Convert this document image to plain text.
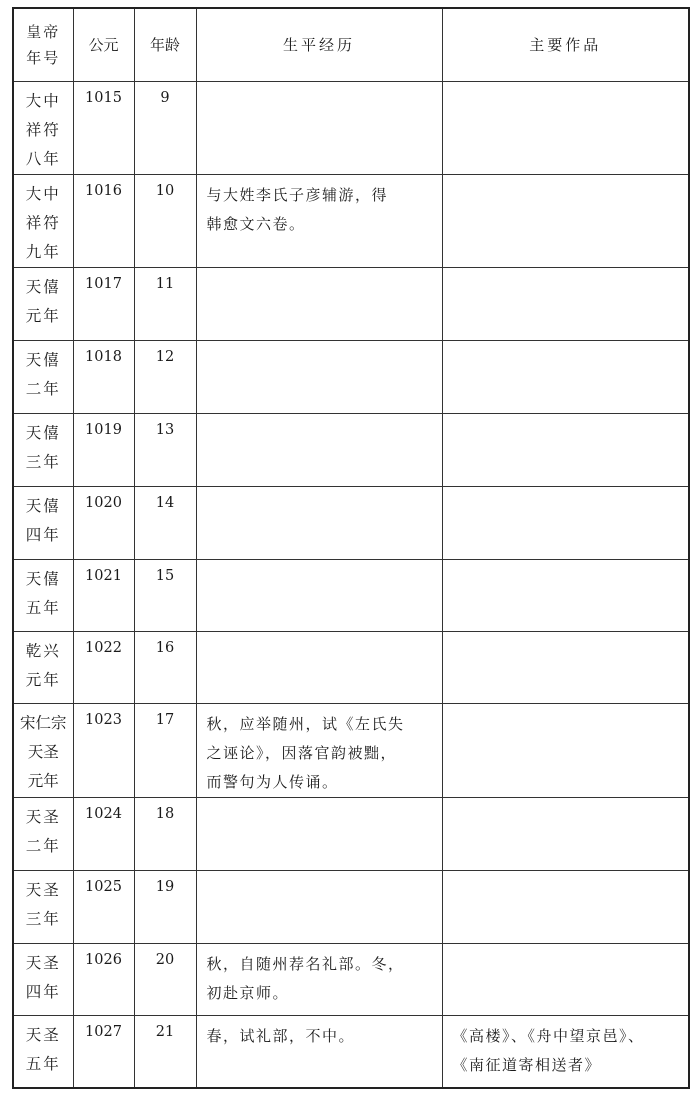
皇帝
年号	公元	年龄	生平经历	主要作品

大中
祥符
八年	1015	9	

大中
祥符
九年
	1016	10	与大姓李氏子彦辅游，得
韩愈文六卷。

天僖
元年	1017	11	

天僖
二年	1018	12	

天僖
三年	1019	13	

天僖
四年	1020	14	

天僖
五年	1021	15	

乾兴
元年	1022	16	

宋仁宗
天圣
元年
	1023	17	秋，应举随州，试《左氏失
之诬论》，因落官韵被黜，
而警句为人传诵。

天圣
二年	1024	18	

天圣
三年	1025	19	

天圣
四年
	1026	20	秋，自随州荐名礼部。冬，
初赴京师。

天圣
五年
	1027	21	春，试礼部，不中。	《高楼》、《舟中望京邑》、
《南征道寄相送者》
